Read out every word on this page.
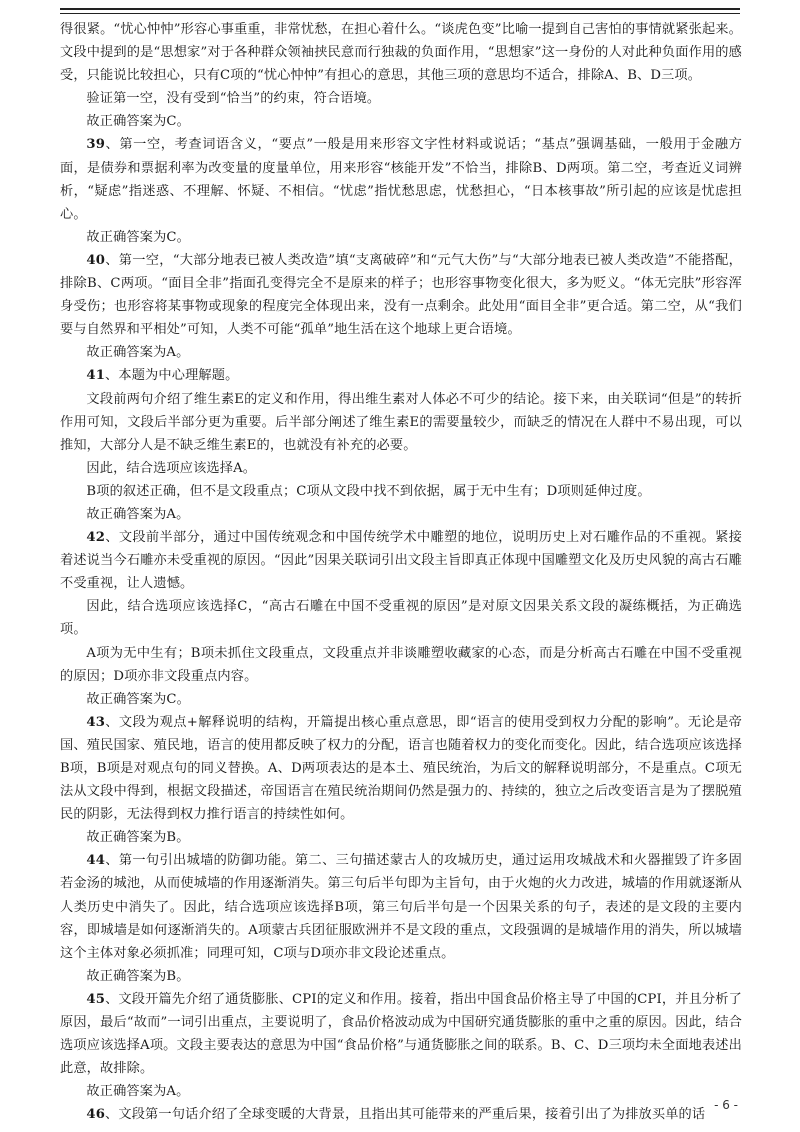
得很紧。“忧心忡忡”形容心事重重，非常忧愁，在担心着什么。“谈虎色变”比喻一提到自己害怕的事情就紧张起来。文段中提到的是“思想家”对于各种群众领袖挟民意而行独裁的负面作用，“思想家”这一身份的人对此种负面作用的感受，只能说比较担心，只有C项的“忧心忡忡”有担心的意思，其他三项的意思均不适合，排除A、B、D三项。

验证第一空，没有受到“恰当”的约束，符合语境。

故正确答案为C。

39、第一空，考查词语含义，“要点”一般是用来形容文字性材料或说话；“基点”强调基础，一般用于金融方面，是债券和票据利率为改变量的度量单位，用来形容“核能开发”不恰当，排除B、D两项。第二空，考查近义词辨析，“疑虑”指迷惑、不理解、怀疑、不相信。“忧虑”指忧愁思虑，忧愁担心，“日本核事故”所引起的应该是忧虑担心。

故正确答案为C。

40、第一空，“大部分地表已被人类改造”填“支离破碎”和“元气大伤”与“大部分地表已被人类改造”不能搭配，排除B、C两项。“面目全非”指面孔变得完全不是原来的样子；也形容事物变化很大，多为贬义。“体无完肤”形容浑身受伤；也形容将某事物或现象的程度完全体现出来，没有一点剩余。此处用“面目全非”更合适。第二空，从“我们要与自然界和平相处”可知，人类不可能“孤单”地生活在这个地球上更合语境。

故正确答案为A。

41、本题为中心理解题。

文段前两句介绍了维生素E的定义和作用，得出维生素对人体必不可少的结论。接下来，由关联词“但是”的转折作用可知，文段后半部分更为重要。后半部分阐述了维生素E的需要量较少，而缺乏的情况在人群中不易出现，可以推知，大部分人是不缺乏维生素E的，也就没有补充的必要。

因此，结合选项应该选择A。

B项的叙述正确，但不是文段重点；C项从文段中找不到依据，属于无中生有；D项则延伸过度。

故正确答案为A。

42、文段前半部分，通过中国传统观念和中国传统学术中雕塑的地位，说明历史上对石雕作品的不重视。紧接着述说当今石雕亦未受重视的原因。“因此”因果关联词引出文段主旨即真正体现中国雕塑文化及历史风貌的高古石雕不受重视，让人遗憾。

因此，结合选项应该选择C，“高古石雕在中国不受重视的原因”是对原文因果关系文段的凝练概括，为正确选项。

A项为无中生有；B项未抓住文段重点，文段重点并非谈雕塑收藏家的心态，而是分析高古石雕在中国不受重视的原因；D项亦非文段重点内容。

故正确答案为C。

43、文段为观点+解释说明的结构，开篇提出核心重点意思，即“语言的使用受到权力分配的影响”。无论是帝国、殖民国家、殖民地，语言的使用都反映了权力的分配，语言也随着权力的变化而变化。因此，结合选项应该选择B项，B项是对观点句的同义替换。A、D两项表达的是本土、殖民统治，为后文的解释说明部分，不是重点。C项无法从文段中得到，根据文段描述，帝国语言在殖民统治期间仍然是强力的、持续的，独立之后改变语言是为了摆脱殖民的阴影，无法得到权力推行语言的持续性如何。

故正确答案为B。

44、第一句引出城墙的防御功能。第二、三句描述蒙古人的攻城历史，通过运用攻城战术和火器摧毁了许多固若金汤的城池，从而使城墙的作用逐渐消失。第三句后半句即为主旨句，由于火炮的火力改进，城墙的作用就逐渐从人类历史中消失了。因此，结合选项应该选择B项，第三句后半句是一个因果关系的句子，表述的是文段的主要内容，即城墙是如何逐渐消失的。A项蒙古兵团征服欧洲并不是文段的重点，文段强调的是城墙作用的消失，所以城墙这个主体对象必须抓准；同理可知，C项与D项亦非文段论述重点。

故正确答案为B。

45、文段开篇先介绍了通货膨胀、CPI的定义和作用。接着，指出中国食品价格主导了中国的CPI，并且分析了原因，最后“故而”一词引出重点，主要说明了，食品价格波动成为中国研究通货膨胀的重中之重的原因。因此，结合选项应该选择A项。文段主要表达的意思为中国“食品价格”与通货膨胀之间的联系。B、C、D三项均未全面地表述出此意，故排除。

故正确答案为A。

46、文段第一句话介绍了全球变暖的大背景，且指出其可能带来的严重后果，接着引出了为排放买单的话

- 6 -
